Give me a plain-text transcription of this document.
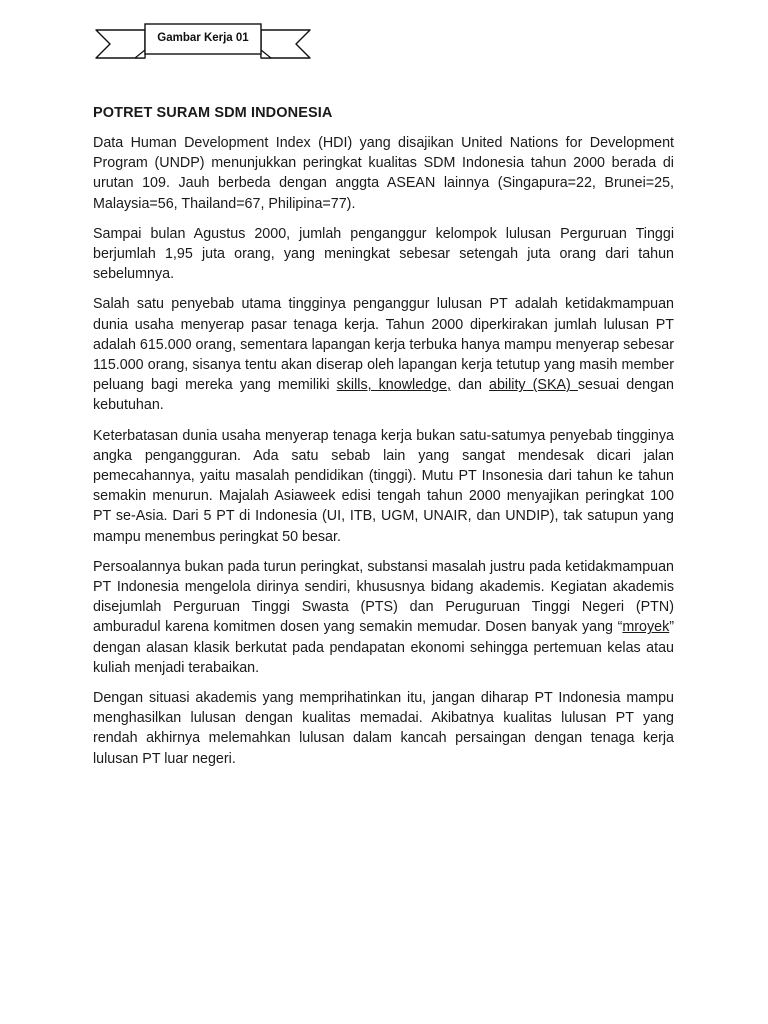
Gambar Kerja 01
POTRET SURAM SDM INDONESIA

Data Human Development Index (HDI) yang disajikan United Nations for Development Program (UNDP) menunjukkan peringkat kualitas SDM Indonesia tahun 2000 berada di urutan 109. Jauh berbeda dengan anggta ASEAN lainnya (Singapura=22, Brunei=25, Malaysia=56, Thailand=67, Philipina=77).

Sampai bulan Agustus 2000, jumlah penganggur kelompok lulusan Perguruan Tinggi berjumlah 1,95 juta orang, yang meningkat sebesar setengah juta orang dari tahun sebelumnya.

Salah satu penyebab utama tingginya penganggur lulusan PT adalah ketidakmampuan dunia usaha menyerap pasar tenaga kerja. Tahun 2000 diperkirakan jumlah lulusan PT adalah 615.000 orang, sementara lapangan kerja terbuka hanya mampu menyerap sebesar 115.000 orang, sisanya tentu akan diserap oleh lapangan kerja tetutup yang masih member peluang bagi mereka yang memiliki skills, knowledge, dan ability (SKA) sesuai dengan kebutuhan.

Keterbatasan dunia usaha menyerap tenaga kerja bukan satu-satumya penyebab tingginya angka pengangguran. Ada satu sebab lain yang sangat mendesak dicari jalan pemecahannya, yaitu masalah pendidikan (tinggi). Mutu PT Insonesia dari tahun ke tahun semakin menurun. Majalah Asiaweek edisi tengah tahun 2000 menyajikan peringkat 100 PT se-Asia. Dari 5 PT di Indonesia (UI, ITB, UGM, UNAIR, dan UNDIP), tak satupun yang mampu menembus peringkat 50 besar.

Persoalannya bukan pada turun peringkat, substansi masalah justru pada ketidakmampuan PT Indonesia mengelola dirinya sendiri, khususnya bidang akademis. Kegiatan akademis disejumlah Perguruan Tinggi Swasta (PTS) dan Peruguruan Tinggi Negeri (PTN) amburadul karena komitmen dosen yang semakin memudar. Dosen banyak yang “mroyek” dengan alasan klasik berkutat pada pendapatan ekonomi sehingga pertemuan kelas atau kuliah menjadi terabaikan.

Dengan situasi akademis yang memprihatinkan itu, jangan diharap PT Indonesia mampu menghasilkan lulusan dengan kualitas memadai. Akibatnya kualitas lulusan PT yang rendah akhirnya melemahkan lulusan dalam kancah persaingan dengan tenaga kerja lulusan PT luar negeri.
